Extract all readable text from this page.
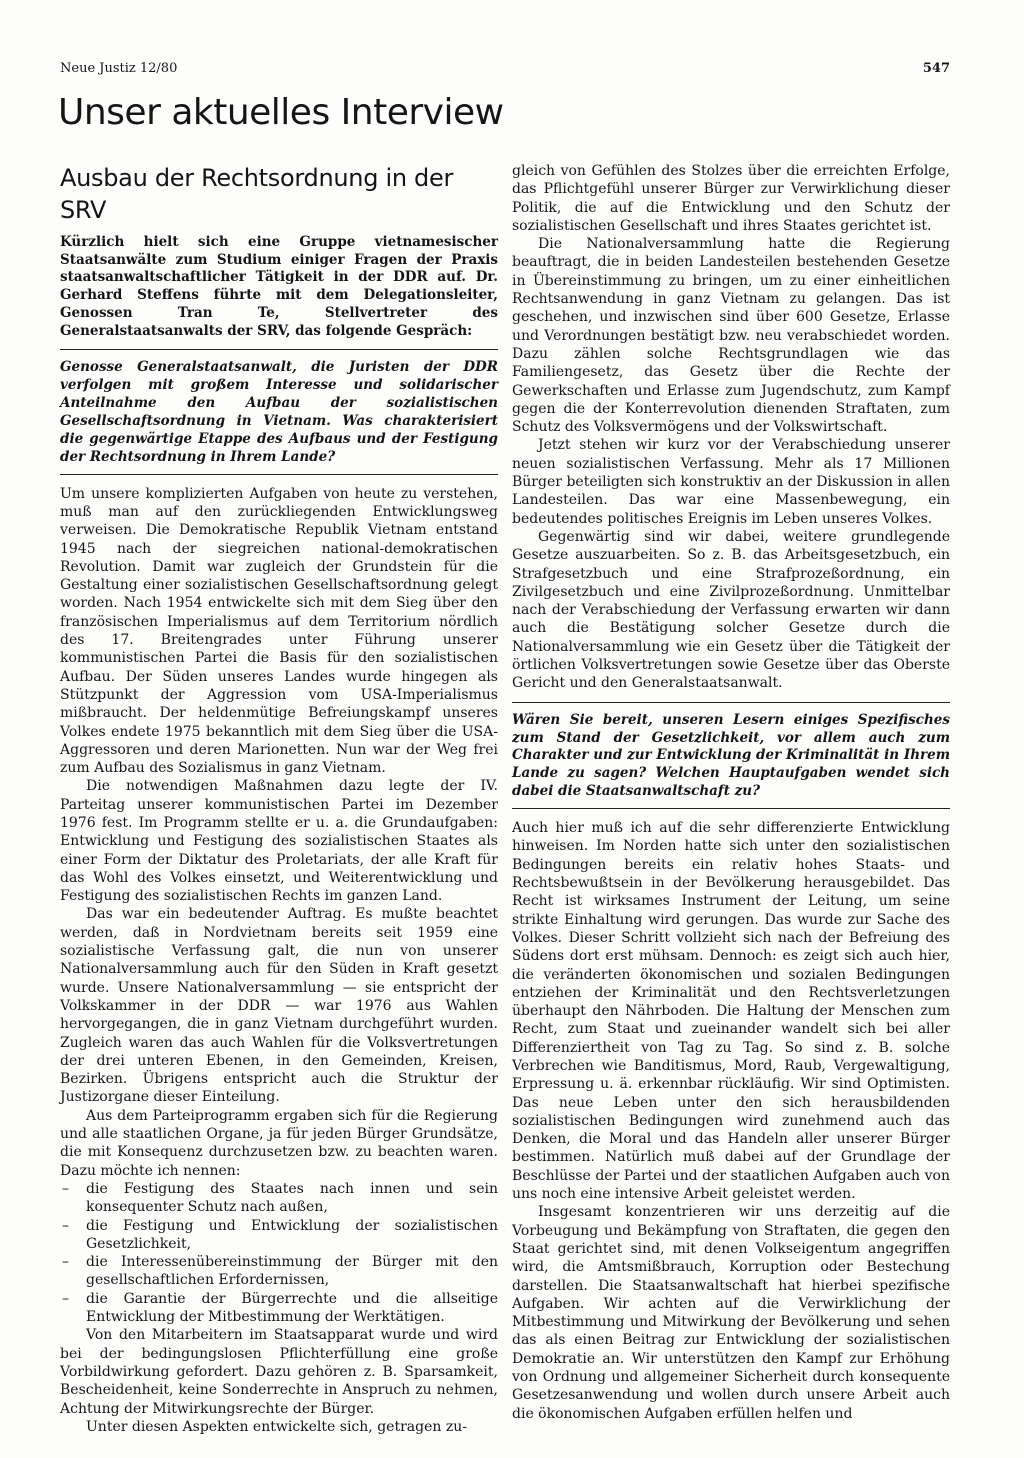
Neue Justiz 12/80	547
Unser aktuelles Interview
Ausbau der Rechtsordnung in der SRV

Kürzlich hielt sich eine Gruppe vietnamesischer Staatsanwälte zum Studium einiger Fragen der Praxis staatsanwaltschaftlicher Tätigkeit in der DDR auf. Dr. Gerhard Steffens führte mit dem Delegationsleiter, Genossen Tran Te, Stellvertreter des Generalstaatsanwalts der SRV, das folgende Gespräch:

Genosse Generalstaatsanwalt, die Juristen der DDR verfolgen mit großem Interesse und solidarischer Anteilnahme den Aufbau der sozialistischen Gesellschaftsordnung in Vietnam. Was charakterisiert die gegenwärtige Etappe des Aufbaus und der Festigung der Rechtsordnung in Ihrem Lande?

Um unsere komplizierten Aufgaben von heute zu verstehen, muß man auf den zurückliegenden Entwicklungsweg verweisen. Die Demokratische Republik Vietnam entstand 1945 nach der siegreichen national-demokratischen Revolution. Damit war zugleich der Grundstein für die Gestaltung einer sozialistischen Gesellschaftsordnung gelegt worden. Nach 1954 entwickelte sich mit dem Sieg über den französischen Imperialismus auf dem Territorium nördlich des 17. Breitengrades unter Führung unserer kommunistischen Partei die Basis für den sozialistischen Aufbau. Der Süden unseres Landes wurde hingegen als Stützpunkt der Aggression vom USA-Imperialismus mißbraucht. Der heldenmütige Befreiungskampf unseres Volkes endete 1975 bekanntlich mit dem Sieg über die USA-Aggressoren und deren Marionetten. Nun war der Weg frei zum Aufbau des Sozialismus in ganz Vietnam.

Die notwendigen Maßnahmen dazu legte der IV. Parteitag unserer kommunistischen Partei im Dezember 1976 fest. Im Programm stellte er u. a. die Grundaufgaben: Entwicklung und Festigung des sozialistischen Staates als einer Form der Diktatur des Proletariats, der alle Kraft für das Wohl des Volkes einsetzt, und Weiterentwicklung und Festigung des sozialistischen Rechts im ganzen Land.

Das war ein bedeutender Auftrag. Es mußte beachtet werden, daß in Nordvietnam bereits seit 1959 eine sozialistische Verfassung galt, die nun von unserer Nationalversammlung auch für den Süden in Kraft gesetzt wurde. Unsere Nationalversammlung — sie entspricht der Volkskammer in der DDR — war 1976 aus Wahlen hervorgegangen, die in ganz Vietnam durchgeführt wurden. Zugleich waren das auch Wahlen für die Volksvertretungen der drei unteren Ebenen, in den Gemeinden, Kreisen, Bezirken. Übrigens entspricht auch die Struktur der Justizorgane dieser Einteilung.

Aus dem Parteiprogramm ergaben sich für die Regierung und alle staatlichen Organe, ja für jeden Bürger Grundsätze, die mit Konsequenz durchzusetzen bzw. zu beachten waren. Dazu möchte ich nennen:

– die Festigung des Staates nach innen und sein konsequenter Schutz nach außen,
– die Festigung und Entwicklung der sozialistischen Gesetzlichkeit,
– die Interessenübereinstimmung der Bürger mit den gesellschaftlichen Erfordernissen,
– die Garantie der Bürgerrechte und die allseitige Entwicklung der Mitbestimmung der Werktätigen.

Von den Mitarbeitern im Staatsapparat wurde und wird bei der bedingungslosen Pflichterfüllung eine große Vorbildwirkung gefordert. Dazu gehören z. B. Sparsamkeit, Bescheidenheit, keine Sonderrechte in Anspruch zu nehmen, Achtung der Mitwirkungsrechte der Bürger.

Unter diesen Aspekten entwickelte sich, getragen zu-

gleich von Gefühlen des Stolzes über die erreichten Erfolge, das Pflichtgefühl unserer Bürger zur Verwirklichung dieser Politik, die auf die Entwicklung und den Schutz der sozialistischen Gesellschaft und ihres Staates gerichtet ist.

Die Nationalversammlung hatte die Regierung beauftragt, die in beiden Landesteilen bestehenden Gesetze in Übereinstimmung zu bringen, um zu einer einheitlichen Rechtsanwendung in ganz Vietnam zu gelangen. Das ist geschehen, und inzwischen sind über 600 Gesetze, Erlasse und Verordnungen bestätigt bzw. neu verabschiedet worden. Dazu zählen solche Rechtsgrundlagen wie das Familiengesetz, das Gesetz über die Rechte der Gewerkschaften und Erlasse zum Jugendschutz, zum Kampf gegen die der Konterrevolution dienenden Straftaten, zum Schutz des Volksvermögens und der Volkswirtschaft.

Jetzt stehen wir kurz vor der Verabschiedung unserer neuen sozialistischen Verfassung. Mehr als 17 Millionen Bürger beteiligten sich konstruktiv an der Diskussion in allen Landesteilen. Das war eine Massenbewegung, ein bedeutendes politisches Ereignis im Leben unseres Volkes.

Gegenwärtig sind wir dabei, weitere grundlegende Gesetze auszuarbeiten. So z. B. das Arbeitsgesetzbuch, ein Strafgesetzbuch und eine Strafprozeßordnung, ein Zivilgesetzbuch und eine Zivilprozeßordnung. Unmittelbar nach der Verabschiedung der Verfassung erwarten wir dann auch die Bestätigung solcher Gesetze durch die Nationalversammlung wie ein Gesetz über die Tätigkeit der örtlichen Volksvertretungen sowie Gesetze über das Oberste Gericht und den Generalstaatsanwalt.

Wären Sie bereit, unseren Lesern einiges Spezifisches zum Stand der Gesetzlichkeit, vor allem auch zum Charakter und zur Entwicklung der Kriminalität in Ihrem Lande zu sagen? Welchen Hauptaufgaben wendet sich dabei die Staatsanwaltschaft zu?

Auch hier muß ich auf die sehr differenzierte Entwicklung hinweisen. Im Norden hatte sich unter den sozialistischen Bedingungen bereits ein relativ hohes Staats- und Rechtsbewußtsein in der Bevölkerung herausgebildet. Das Recht ist wirksames Instrument der Leitung, um seine strikte Einhaltung wird gerungen. Das wurde zur Sache des Volkes. Dieser Schritt vollzieht sich nach der Befreiung des Südens dort erst mühsam. Dennoch: es zeigt sich auch hier, die veränderten ökonomischen und sozialen Bedingungen entziehen der Kriminalität und den Rechtsverletzungen überhaupt den Nährboden. Die Haltung der Menschen zum Recht, zum Staat und zueinander wandelt sich bei aller Differenziertheit von Tag zu Tag. So sind z. B. solche Verbrechen wie Banditismus, Mord, Raub, Vergewaltigung, Erpressung u. ä. erkennbar rückläufig. Wir sind Optimisten. Das neue Leben unter den sich herausbildenden sozialistischen Bedingungen wird zunehmend auch das Denken, die Moral und das Handeln aller unserer Bürger bestimmen. Natürlich muß dabei auf der Grundlage der Beschlüsse der Partei und der staatlichen Aufgaben auch von uns noch eine intensive Arbeit geleistet werden.

Insgesamt konzentrieren wir uns derzeitig auf die Vorbeugung und Bekämpfung von Straftaten, die gegen den Staat gerichtet sind, mit denen Volkseigentum angegriffen wird, die Amtsmißbrauch, Korruption oder Bestechung darstellen. Die Staatsanwaltschaft hat hierbei spezifische Aufgaben. Wir achten auf die Verwirklichung der Mitbestimmung und Mitwirkung der Bevölkerung und sehen das als einen Beitrag zur Entwicklung der sozialistischen Demokratie an. Wir unterstützen den Kampf zur Erhöhung von Ordnung und allgemeiner Sicherheit durch konsequente Gesetzesanwendung und wollen durch unsere Arbeit auch die ökonomischen Aufgaben erfüllen helfen und
